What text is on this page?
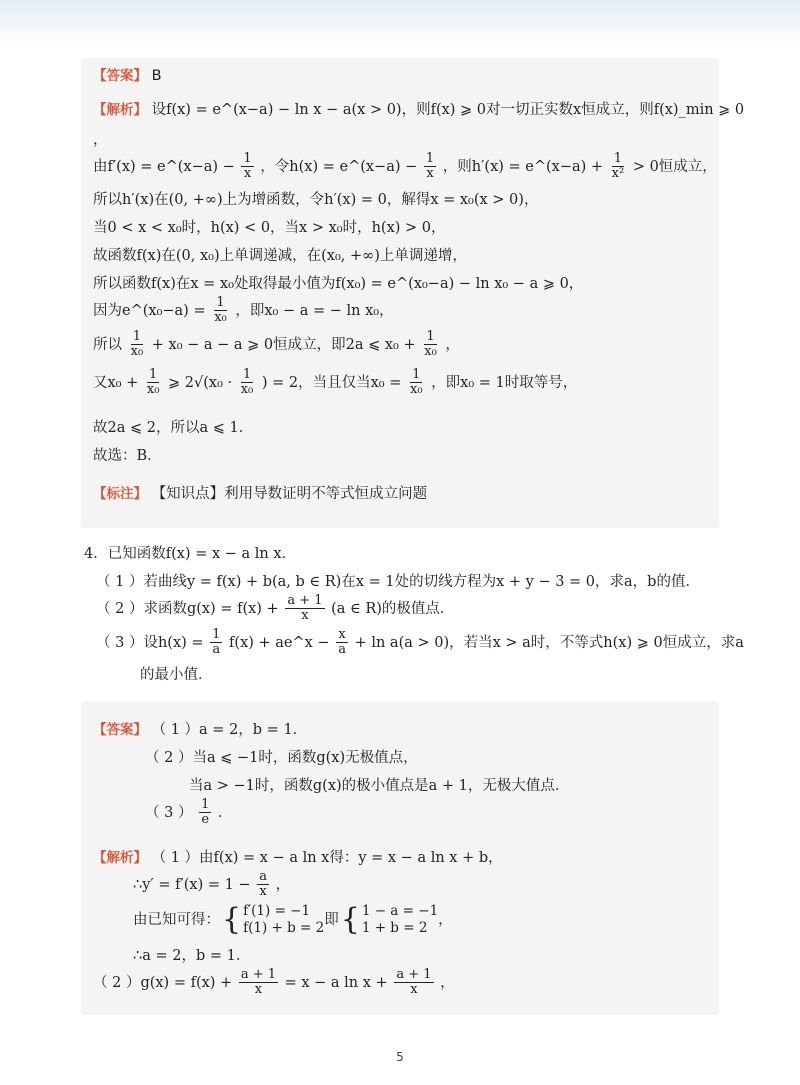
【答案】 B
【解析】 设f(x) = e^(x−a) − ln x − a(x > 0)，则f(x) ⩾ 0对一切正实数x恒成立，则f(x)_min ⩾ 0
，
由f′(x) = e^(x−a) − $\frac{1}{x}$ ，令h(x) = e^(x−a) − $\frac{1}{x}$ ，则h′(x) = e^(x−a) + $\frac{1}{\text{x²}} > 0$恒成立，
所以h′(x)在(0, +∞)上为增函数，令h′(x) = 0，解得x = x₀(x > 0)，
当0 < x < x₀时，h(x) < 0，当x > x₀时，h(x) > 0，
故函数f(x)在(0, x₀)上单调递减，在(x₀, +∞)上单调递增，
所以函数f(x)在x = x₀处取得最小值为f(x₀) = e^(x₀−a) − ln x₀ − a ⩾ 0，
因为e^(x₀−a) = $\frac{1}{\text{x₀}}$ ，即x₀ − a = − ln x₀，
所以 $\frac{1}{\text{x₀}} + x_0 - a - a$ ⩾ 0恒成立，即2a ⩽ $x_0 + \frac{1}{\text{x₀}}$ ，
又$x_0 + \frac{1}{\text{x₀}}$ ⩾ $2√(x_0 \cdot \frac{1}{\text{x₀}}$ ) = 2，当且仅当$x_0 = \frac{1}{\text{x₀}}$ ，即x₀ = 1时取等号，
故2a ⩽ 2，所以a ⩽ 1．
故选：B．
【标注】 【知识点】利用导数证明不等式恒成立问题
4．已知函数f(x) = x − a ln x．
（ 1 ）若曲线y = f(x) + b(a, b ∈ R)在x = 1处的切线方程为x + y − 3 = 0，求a，b的值．
（ 2 ）求函数$g(x) = f(x) + \frac{a + 1}{x} (a$ ∈ R)的极值点．
（ 3 ）设$h(x) = \frac{1}{a} f(x)$ + ae^x − $\frac{x}{a} + \ln a(a > 0)$，若当x > a时，不等式h(x) ⩾ 0恒成立，求a
的最小值．
【答案】 （ 1 ）a = 2，b = 1．
（ 2 ）当a ⩽ −1时，函数g(x)无极值点，
当a > −1时，函数g(x)的极小值点是a + 1，无极大值点．
（ 3 ） $\frac{1}{e}$ ．
【解析】 （ 1 ）由f(x) = x − a ln x得：y = x − a ln x + b，
∴y′ = $f'(x) = 1 - \frac{a}{x}$ ，
由已知可得： { f′(1) = −1
f(1) + b = 2
即 { 1 − a = −1
1 + b = 2
，
∴a = 2，b = 1．
（ 2 ）$g(x) = f(x) + \frac{a + 1}{x} = x - a$ $\ln x + \frac{a + 1}{x}$ ，
5
